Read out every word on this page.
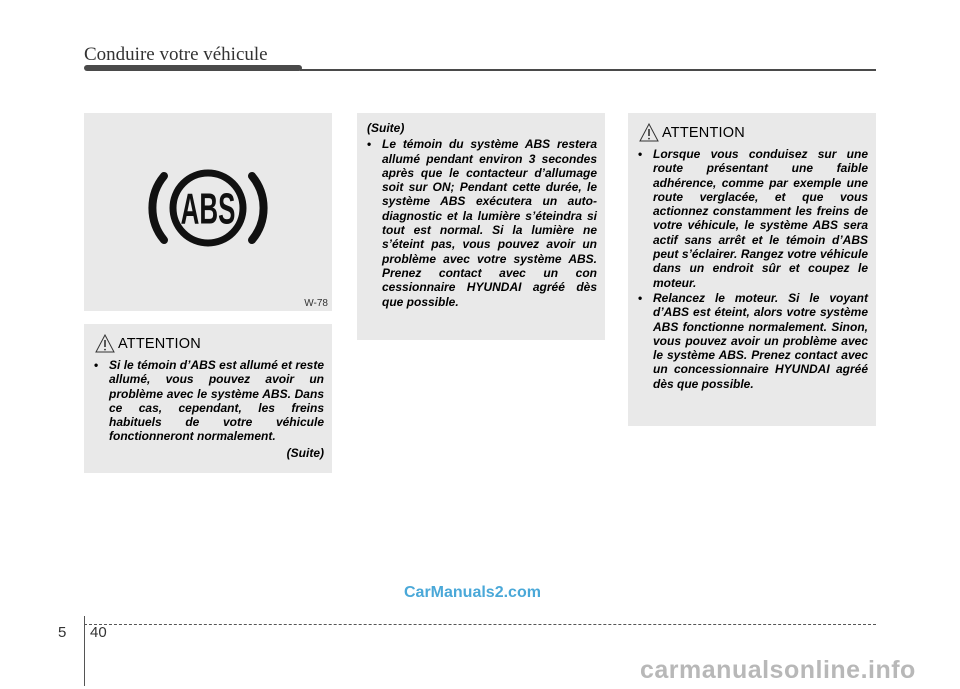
Conduire votre véhicule
ABS
W-78
ATTENTION
• Si le témoin d’ABS est allumé et reste allumé, vous pouvez avoir un problème avec le système ABS. Dans ce cas, cependant, les freins habituels de votre véhicule fonctionneront normalement.
(Suite)
(Suite)
• Le témoin du système ABS restera allumé pendant environ 3 secondes après que le contacteur d’allumage soit sur ON; Pendant cette durée, le système ABS exécutera un auto-diagnostic et la lumière s’éteindra si tout est normal. Si la lumière ne s’éteint pas, vous pouvez avoir un problème avec votre système ABS. Prenez contact avec un con cessionnaire HYUNDAI agréé dès que possible.
ATTENTION
• Lorsque vous conduisez sur une route présentant une faible adhérence, comme par exemple une route verglacée, et que vous actionnez constamment les freins de votre véhicule, le système ABS sera actif sans arrêt et le témoin d’ABS peut s’éclairer. Rangez votre véhicule dans un endroit sûr et coupez le moteur.
• Relancez le moteur. Si le voyant d’ABS est éteint, alors votre système ABS fonctionne normalement. Sinon, vous pouvez avoir un problème avec le système ABS. Prenez contact avec un concessionnaire HYUNDAI agréé dès que possible.
5 40
CarManuals2.com
carmanualsonline.info
